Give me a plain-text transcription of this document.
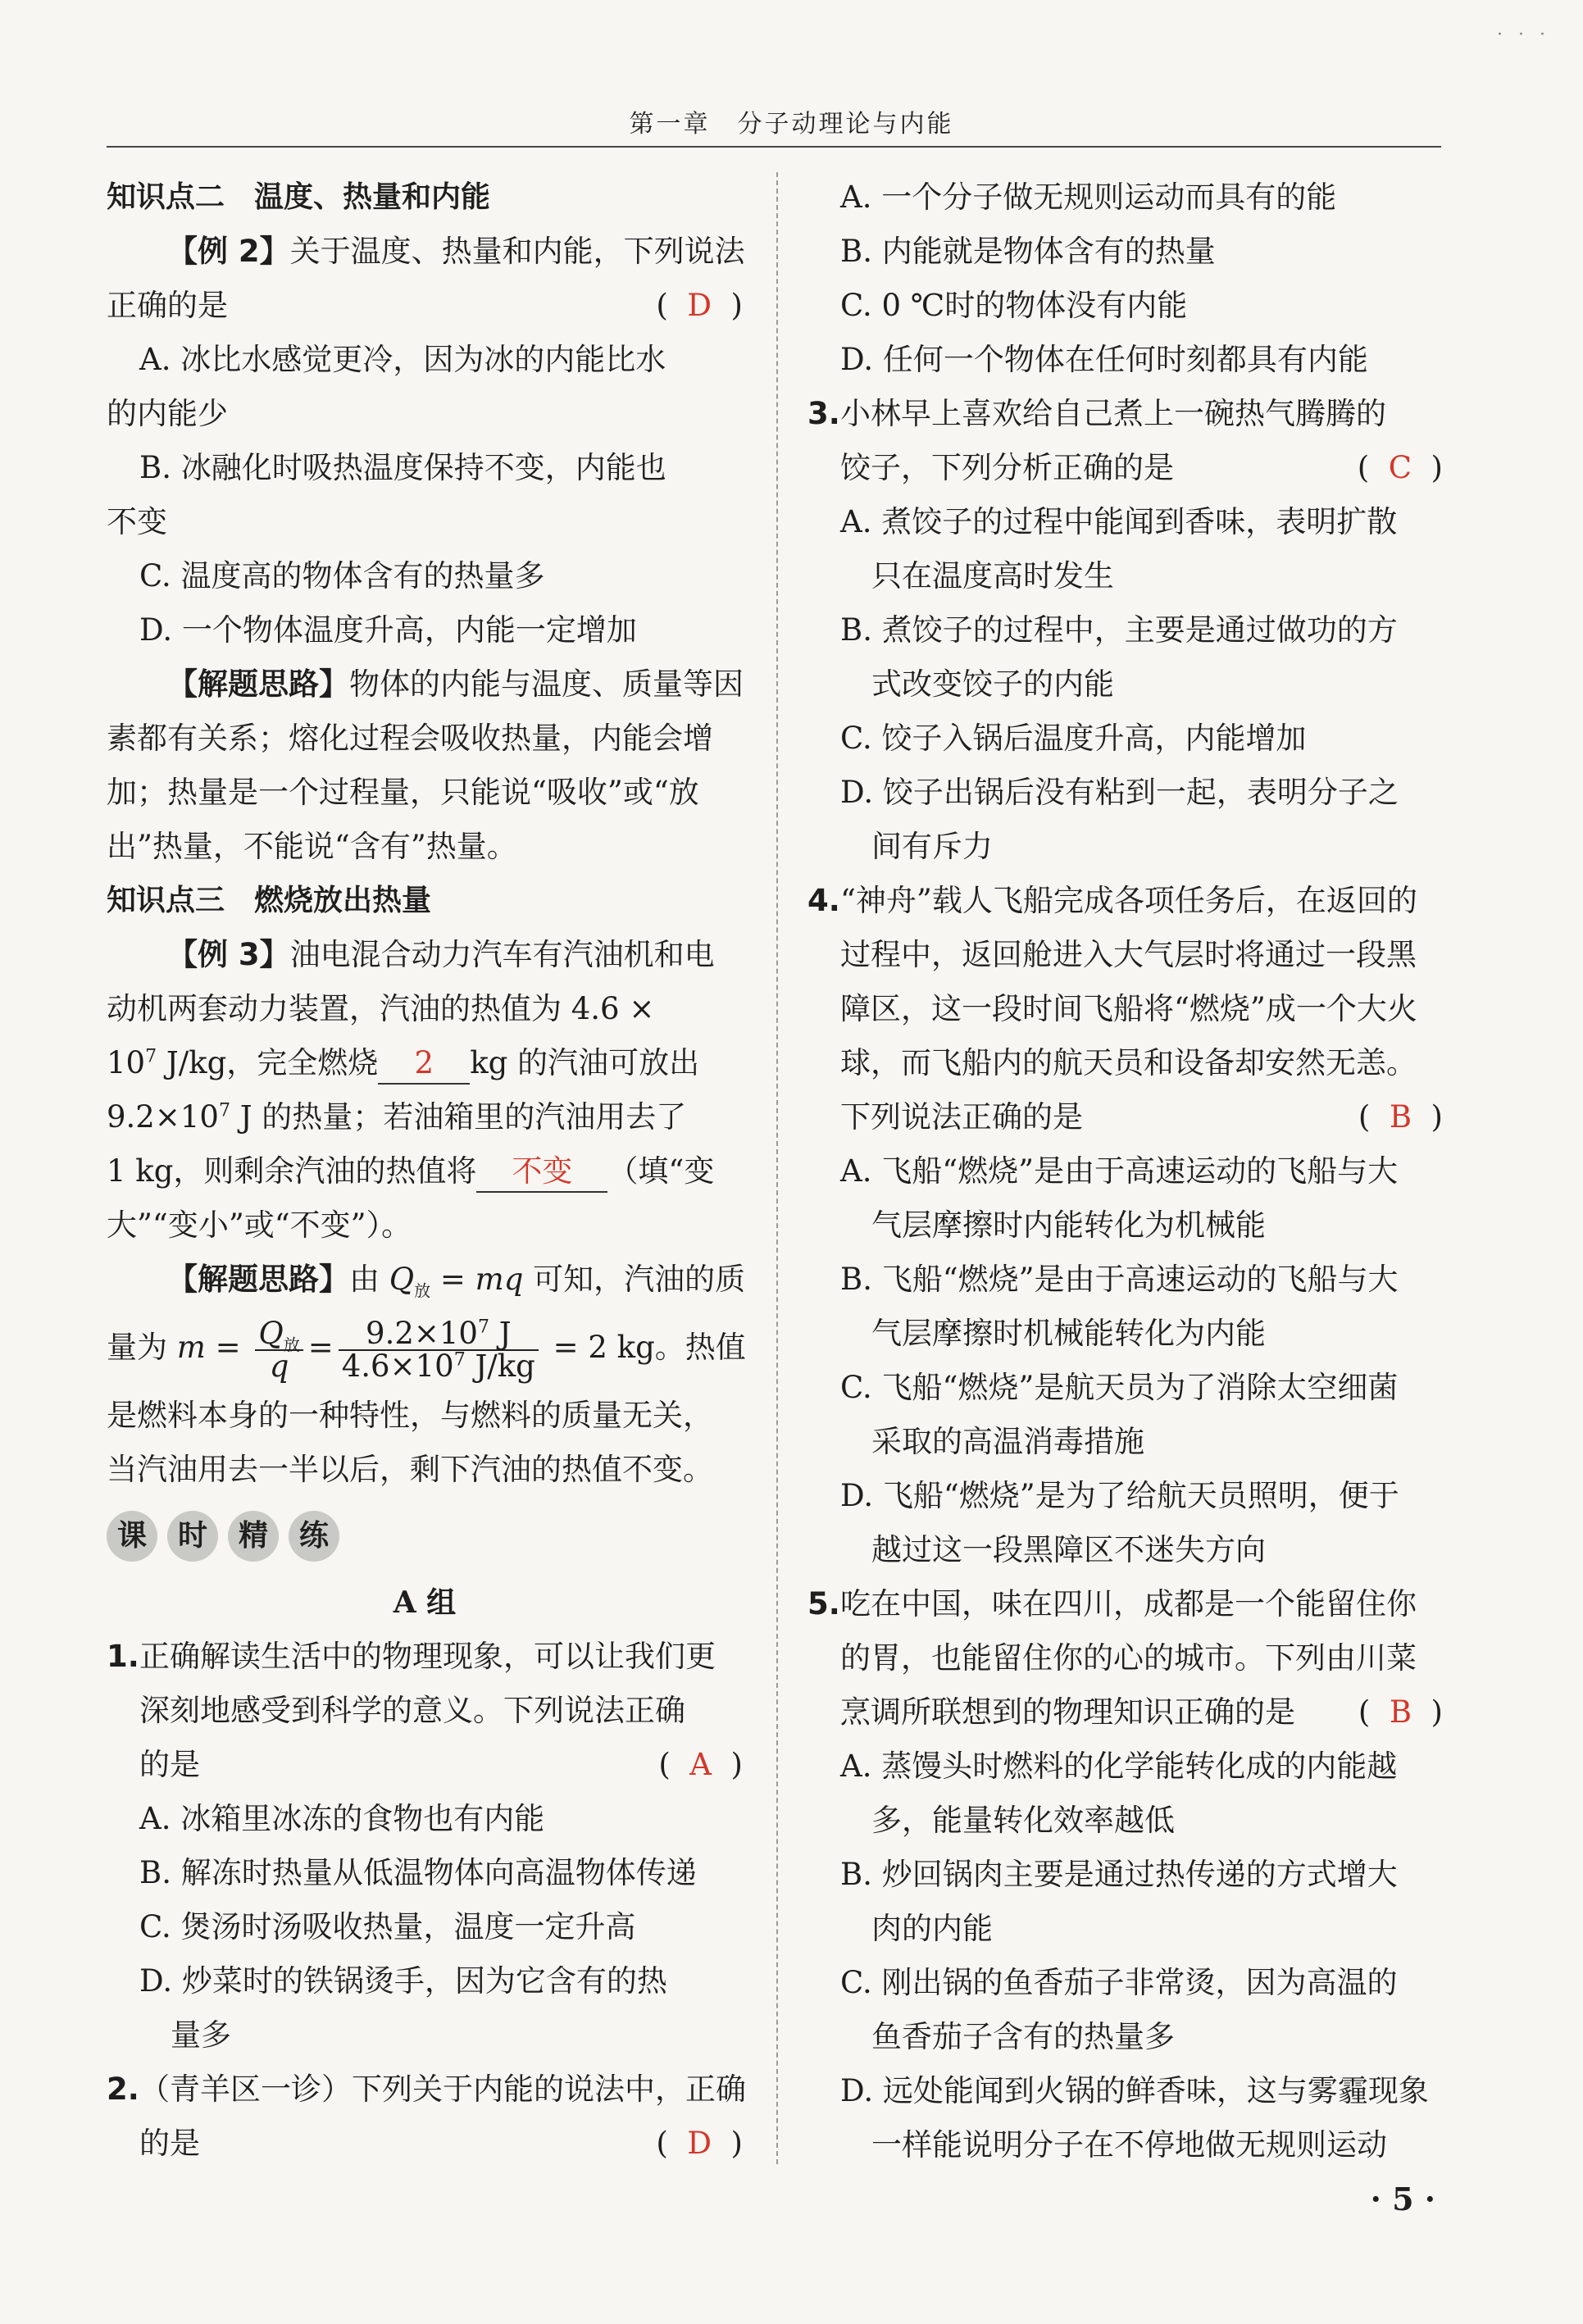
· · ·
第一章　分子动理论与内能
知识点二 温度、热量和内能
【例 2】关于温度、热量和内能，下列说法
正确的是	(  D  )
A. 冰比水感觉更冷，因为冰的内能比水
的内能少
B. 冰融化时吸热温度保持不变，内能也
不变
C. 温度高的物体含有的热量多
D. 一个物体温度升高，内能一定增加
【解题思路】物体的内能与温度、质量等因
素都有关系；熔化过程会吸收热量，内能会增
加；热量是一个过程量，只能说“吸收”或“放
出”热量，不能说“含有”热量。
知识点三 燃烧放出热量
【例 3】油电混合动力汽车有汽油机和电
动机两套动力装置，汽油的热值为 4.6 ×
$10^7$ J/kg，完全燃烧 2 kg 的汽油可放出
$9.2\times 10^7$ J 的热量；若油箱里的汽油用去了
1 kg，则剩余汽油的热值将 不变 （填“变
大”“变小”或“不变”）。
【解题思路】由 $Q_放$ = mq 可知，汽油的质
量为 $m = \frac{Q_放}{q} = \frac{9.2\times 10^7 J}{4.6\times 10^7 J/kg} = 2$ kg。热值
是燃料本身的一种特性，与燃料的质量无关，
当汽油用去一半以后，剩下汽油的热值不变。
课	时	精	练
A 组
1.正确解读生活中的物理现象，可以让我们更
深刻地感受到科学的意义。下列说法正确
的是	(  A  )
A. 冰箱里冰冻的食物也有内能
B. 解冻时热量从低温物体向高温物体传递
C. 煲汤时汤吸收热量，温度一定升高
D. 炒菜时的铁锅烫手，因为它含有的热
量多
2.（青羊区一诊）下列关于内能的说法中，正确
的是	(  D  )
A. 一个分子做无规则运动而具有的能
B. 内能就是物体含有的热量
C. 0 ℃时的物体没有内能
D. 任何一个物体在任何时刻都具有内能
3.小林早上喜欢给自己煮上一碗热气腾腾的
饺子，下列分析正确的是	(  C  )
A. 煮饺子的过程中能闻到香味，表明扩散
只在温度高时发生
B. 煮饺子的过程中，主要是通过做功的方
式改变饺子的内能
C. 饺子入锅后温度升高，内能增加
D. 饺子出锅后没有粘到一起，表明分子之
间有斥力
4.“神舟”载人飞船完成各项任务后，在返回的
过程中，返回舱进入大气层时将通过一段黑
障区，这一段时间飞船将“燃烧”成一个大火
球，而飞船内的航天员和设备却安然无恙。
下列说法正确的是	(  B  )
A. 飞船“燃烧”是由于高速运动的飞船与大
气层摩擦时内能转化为机械能
B. 飞船“燃烧”是由于高速运动的飞船与大
气层摩擦时机械能转化为内能
C. 飞船“燃烧”是航天员为了消除太空细菌
采取的高温消毒措施
D. 飞船“燃烧”是为了给航天员照明，便于
越过这一段黑障区不迷失方向
5.吃在中国，味在四川，成都是一个能留住你
的胃，也能留住你的心的城市。下列由川菜
烹调所联想到的物理知识正确的是 (  B  )
A. 蒸馒头时燃料的化学能转化成的内能越
多，能量转化效率越低
B. 炒回锅肉主要是通过热传递的方式增大
肉的内能
C. 刚出锅的鱼香茄子非常烫，因为高温的
鱼香茄子含有的热量多
D. 远处能闻到火锅的鲜香味，这与雾霾现象
一样能说明分子在不停地做无规则运动
· 5 ·
